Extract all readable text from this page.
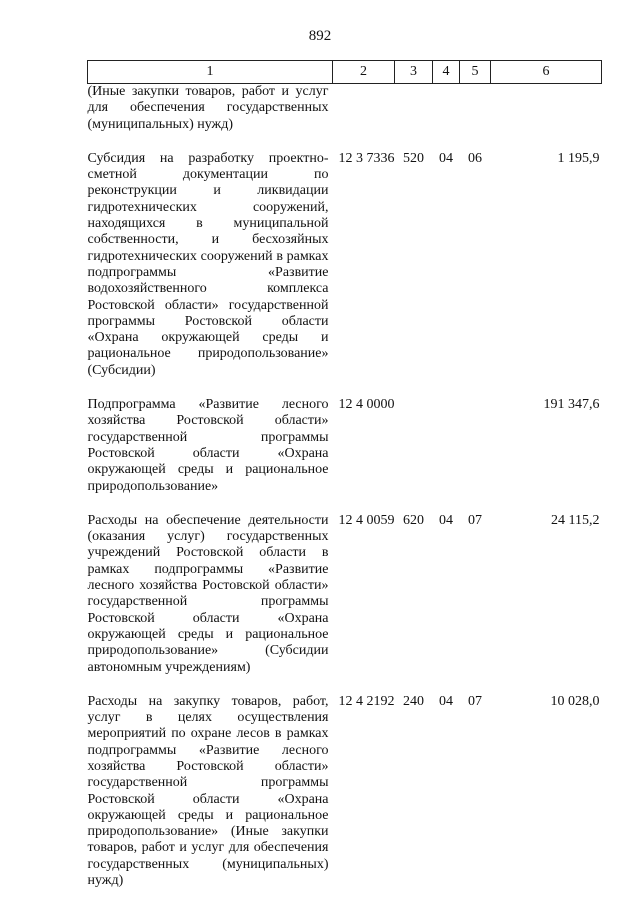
892
1	2	3	4	5	6
(Иные закупки товаров, работ и услуг для обеспечения государственных (муниципальных) нужд)					
Субсидия на разработку проектно-сметной документации по реконструкции и ликвидации гидротехнических сооружений, находящихся в муниципальной собственности, и бесхозяйных гидротехнических сооружений в рамках подпрограммы «Развитие водохозяйственного комплекса Ростовской области» государственной программы Ростовской области «Охрана окружающей среды и рациональное природопользование» (Субсидии)	12 3 7336	520	04	06	1 195,9
Подпрограмма «Развитие лесного хозяйства Ростовской области» государственной программы Ростовской области «Охрана окружающей среды и рациональное природопользование»	12 4 0000				191 347,6
Расходы на обеспечение деятельности (оказания услуг) государственных учреждений Ростовской области в рамках подпрограммы «Развитие лесного хозяйства Ростовской области» государственной программы Ростовской области «Охрана окружающей среды и рациональное природопользование» (Субсидии автономным учреждениям)	12 4 0059	620	04	07	24 115,2
Расходы на закупку товаров, работ, услуг в целях осуществления мероприятий по охране лесов в рамках подпрограммы «Развитие лесного хозяйства Ростовской области» государственной программы Ростовской области «Охрана окружающей среды и рациональное природопользование» (Иные закупки товаров, работ и услуг для обеспечения государственных (муниципальных) нужд)	12 4 2192	240	04	07	10 028,0
